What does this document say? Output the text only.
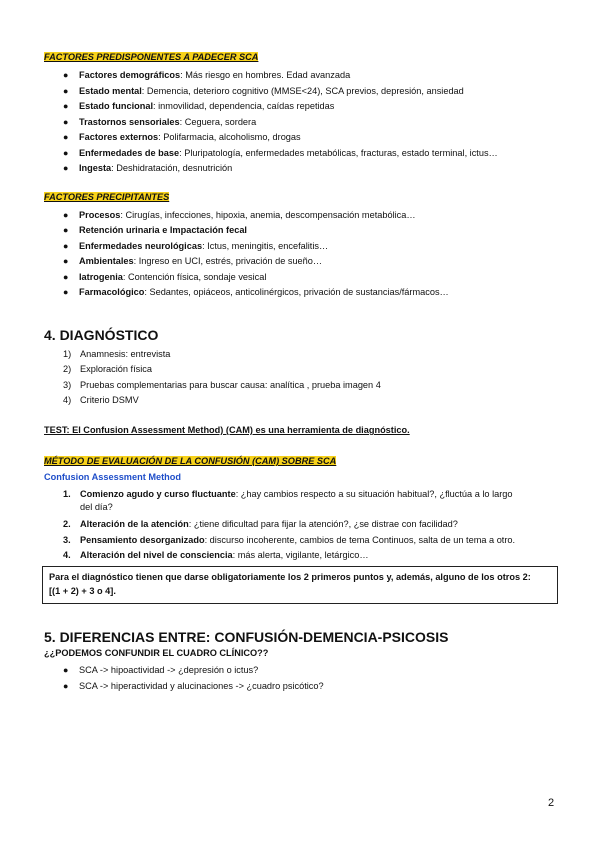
FACTORES PREDISPONENTES A PADECER SCA
● Factores demográficos: Más riesgo en hombres. Edad avanzada
● Estado mental: Demencia, deterioro cognitivo (MMSE<24), SCA previos, depresión, ansiedad
● Estado funcional: inmovilidad, dependencia, caídas repetidas
● Trastornos sensoriales: Ceguera, sordera
● Factores externos: Polifarmacia, alcoholismo, drogas
● Enfermedades de base: Pluripatología, enfermedades metabólicas, fracturas, estado terminal, ictus…
● Ingesta: Deshidratación, desnutrición
FACTORES PRECIPITANTES
● Procesos: Cirugías, infecciones, hipoxia, anemia, descompensación metabólica…
● Retención urinaria e Impactación fecal
● Enfermedades neurológicas: Ictus, meningitis, encefalitis…
● Ambientales: Ingreso en UCI, estrés, privación de sueño…
● Iatrogenia: Contención física, sondaje vesical
● Farmacológico: Sedantes, opiáceos, anticolinérgicos, privación de sustancias/fármacos…
4. DIAGNÓSTICO
1) Anamnesis: entrevista
2) Exploración física
3) Pruebas complementarias para buscar causa: analítica , prueba imagen 4
4) Criterio DSMV
TEST: El Confusion Assessment Method) (CAM) es una herramienta de diagnóstico.
MÉTODO DE EVALUACIÓN DE LA CONFUSIÓN (CAM) SOBRE SCA
Confusion Assessment Method
1. Comienzo agudo y curso fluctuante: ¿hay cambios respecto a su situación habitual?, ¿fluctúa a lo largo
del día?
2. Alteración de la atención: ¿tiene dificultad para fijar la atención?, ¿se distrae con facilidad?
3. Pensamiento desorganizado: discurso incoherente, cambios de tema Continuos, salta de un tema a otro.
4. Alteración del nivel de consciencia: más alerta, vigilante, letárgico…
Para el diagnóstico tienen que darse obligatoriamente los 2 primeros puntos y, además, alguno de los otros 2:
[(1 + 2) + 3 o 4].
5. DIFERENCIAS ENTRE: CONFUSIÓN-DEMENCIA-PSICOSIS
¿¿PODEMOS CONFUNDIR EL CUADRO CLÍNICO??
● SCA -> hipoactividad -> ¿depresión o ictus?
● SCA -> hiperactividad y alucinaciones -> ¿cuadro psicótico?
2
